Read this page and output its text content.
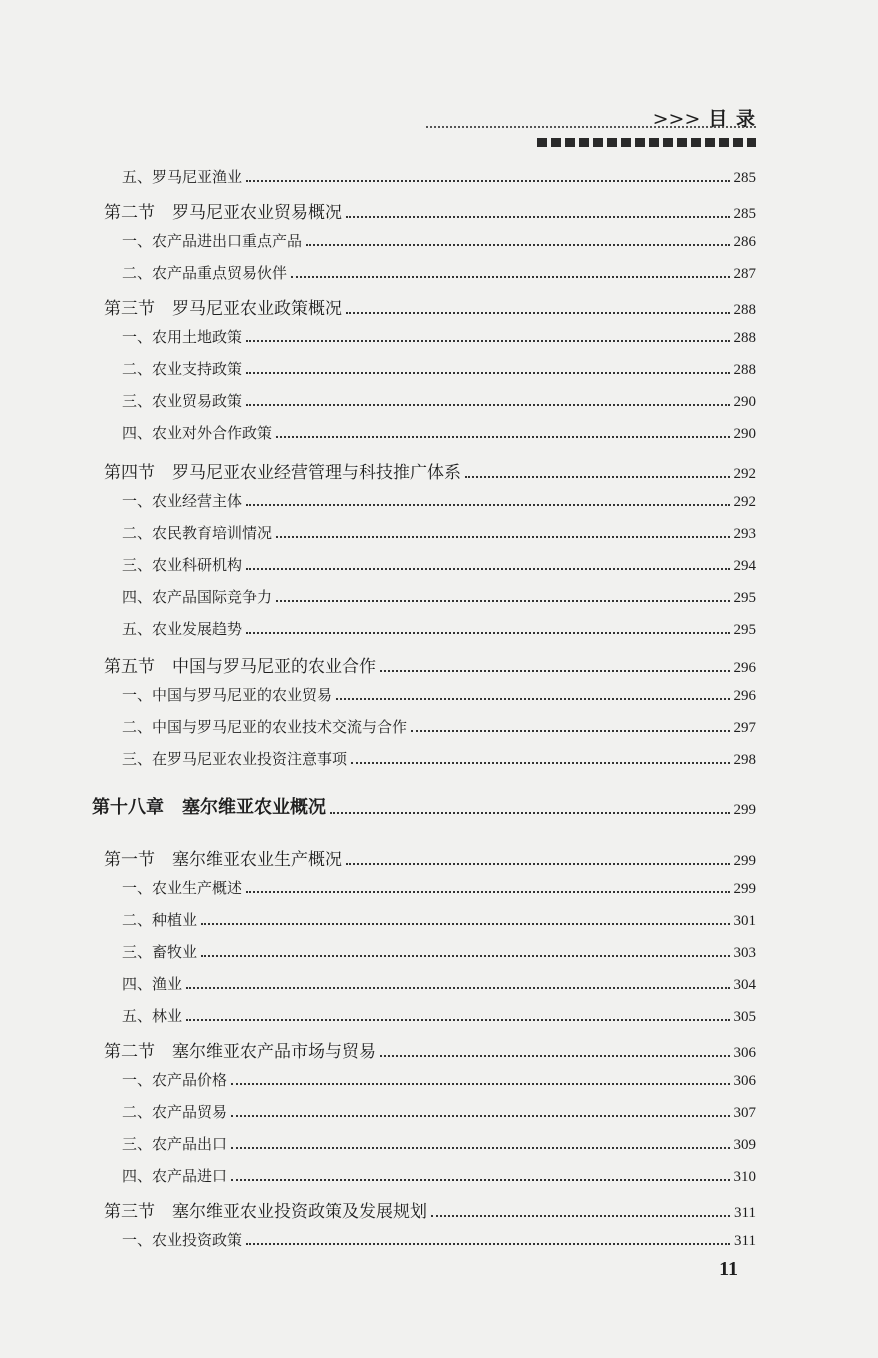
>>> 目 录
五、罗马尼亚渔业	285
第二节　罗马尼亚农业贸易概况	285
一、农产品进出口重点产品	286
二、农产品重点贸易伙伴	287
第三节　罗马尼亚农业政策概况	288
一、农用土地政策	288
二、农业支持政策	288
三、农业贸易政策	290
四、农业对外合作政策	290
第四节　罗马尼亚农业经营管理与科技推广体系	292
一、农业经营主体	292
二、农民教育培训情况	293
三、农业科研机构	294
四、农产品国际竞争力	295
五、农业发展趋势	295
第五节　中国与罗马尼亚的农业合作	296
一、中国与罗马尼亚的农业贸易	296
二、中国与罗马尼亚的农业技术交流与合作	297
三、在罗马尼亚农业投资注意事项	298
第十八章　塞尔维亚农业概况	299
第一节　塞尔维亚农业生产概况	299
一、农业生产概述	299
二、种植业	301
三、畜牧业	303
四、渔业	304
五、林业	305
第二节　塞尔维亚农产品市场与贸易	306
一、农产品价格	306
二、农产品贸易	307
三、农产品出口	309
四、农产品进口	310
第三节　塞尔维亚农业投资政策及发展规划	311
一、农业投资政策	311
11
